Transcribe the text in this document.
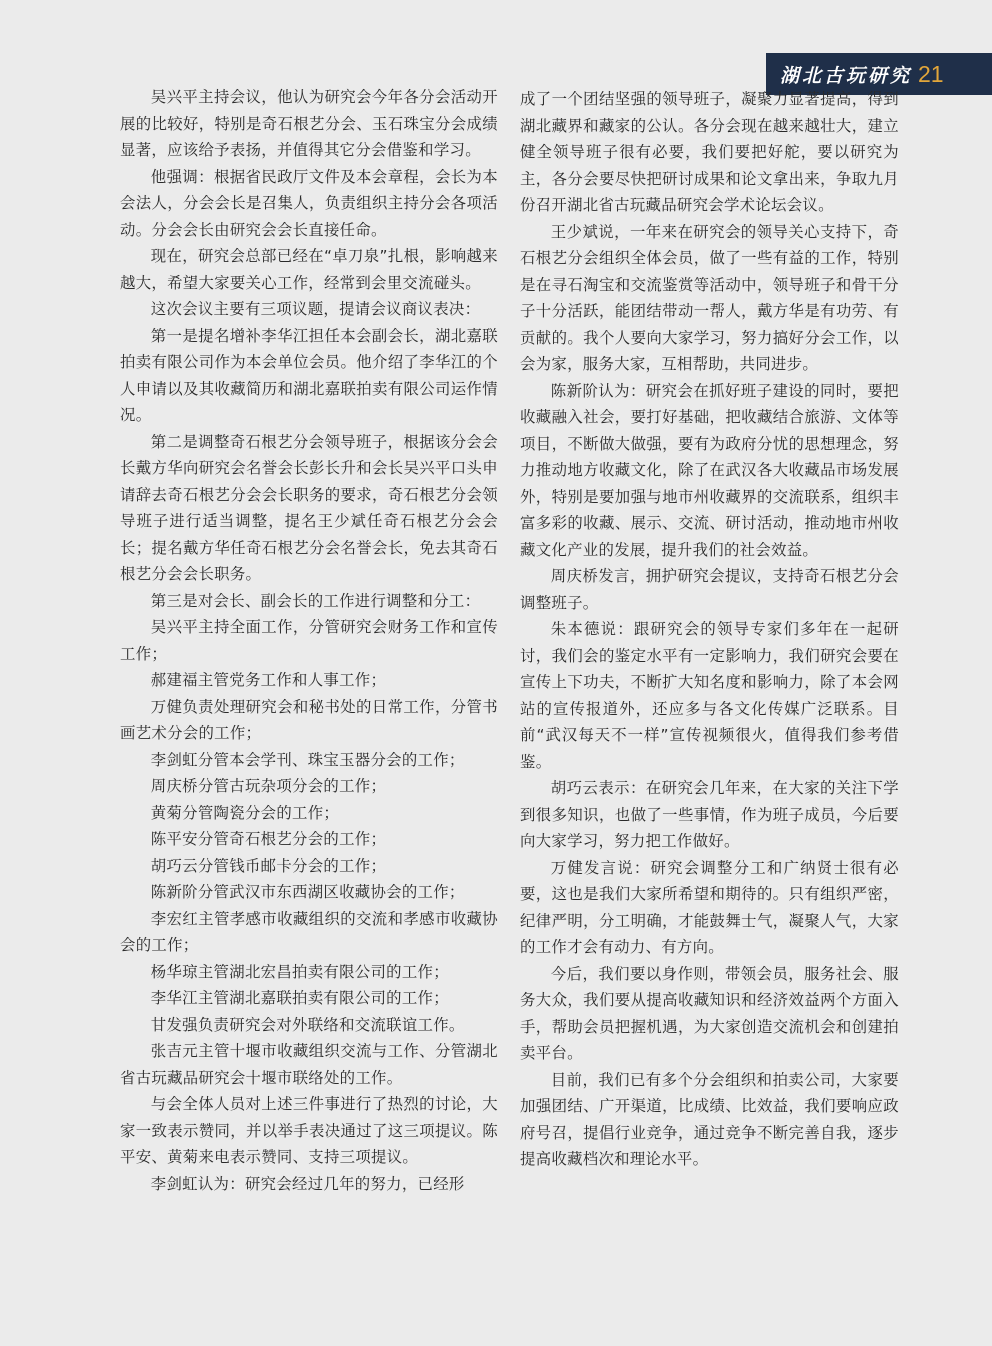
湖北古玩研究 21

吴兴平主持会议，他认为研究会今年各分会活动开展的比较好，特别是奇石根艺分会、玉石珠宝分会成绩显著，应该给予表扬，并值得其它分会借鉴和学习。

他强调：根据省民政厅文件及本会章程，会长为本会法人，分会会长是召集人，负责组织主持分会各项活动。分会会长由研究会会长直接任命。

现在，研究会总部已经在“卓刀泉”扎根，影响越来越大，希望大家要关心工作，经常到会里交流碰头。

这次会议主要有三项议题，提请会议商议表决：

第一是提名增补李华江担任本会副会长，湖北嘉联拍卖有限公司作为本会单位会员。他介绍了李华江的个人申请以及其收藏简历和湖北嘉联拍卖有限公司运作情况。

第二是调整奇石根艺分会领导班子，根据该分会会长戴方华向研究会名誉会长彭长升和会长吴兴平口头申请辞去奇石根艺分会会长职务的要求，奇石根艺分会领导班子进行适当调整，提名王少斌任奇石根艺分会会长；提名戴方华任奇石根艺分会名誉会长，免去其奇石根艺分会会长职务。

第三是对会长、副会长的工作进行调整和分工：

吴兴平主持全面工作，分管研究会财务工作和宣传工作；

郝建福主管党务工作和人事工作；

万健负责处理研究会和秘书处的日常工作，分管书画艺术分会的工作；

李剑虹分管本会学刊、珠宝玉器分会的工作；

周庆桥分管古玩杂项分会的工作；

黄菊分管陶瓷分会的工作；

陈平安分管奇石根艺分会的工作；

胡巧云分管钱币邮卡分会的工作；

陈新阶分管武汉市东西湖区收藏协会的工作；

李宏红主管孝感市收藏组织的交流和孝感市收藏协会的工作；

杨华琼主管湖北宏昌拍卖有限公司的工作；

李华江主管湖北嘉联拍卖有限公司的工作；

甘发强负责研究会对外联络和交流联谊工作。

张吉元主管十堰市收藏组织交流与工作、分管湖北省古玩藏品研究会十堰市联络处的工作。

与会全体人员对上述三件事进行了热烈的讨论，大家一致表示赞同，并以举手表决通过了这三项提议。陈平安、黄菊来电表示赞同、支持三项提议。

李剑虹认为：研究会经过几年的努力，已经形

成了一个团结坚强的领导班子，凝聚力显著提高，得到湖北藏界和藏家的公认。各分会现在越来越壮大，建立健全领导班子很有必要，我们要把好舵，要以研究为主，各分会要尽快把研讨成果和论文拿出来，争取九月份召开湖北省古玩藏品研究会学术论坛会议。

王少斌说，一年来在研究会的领导关心支持下，奇石根艺分会组织全体会员，做了一些有益的工作，特别是在寻石淘宝和交流鉴赏等活动中，领导班子和骨干分子十分活跃，能团结带动一帮人，戴方华是有功劳、有贡献的。我个人要向大家学习，努力搞好分会工作，以会为家，服务大家，互相帮助，共同进步。

陈新阶认为：研究会在抓好班子建设的同时，要把收藏融入社会，要打好基础，把收藏结合旅游、文体等项目，不断做大做强，要有为政府分忧的思想理念，努力推动地方收藏文化，除了在武汉各大收藏品市场发展外，特别是要加强与地市州收藏界的交流联系，组织丰富多彩的收藏、展示、交流、研讨活动，推动地市州收藏文化产业的发展，提升我们的社会效益。

周庆桥发言，拥护研究会提议，支持奇石根艺分会调整班子。

朱本德说：跟研究会的领导专家们多年在一起研讨，我们会的鉴定水平有一定影响力，我们研究会要在宣传上下功夫，不断扩大知名度和影响力，除了本会网站的宣传报道外，还应多与各文化传媒广泛联系。目前“武汉每天不一样”宣传视频很火，值得我们参考借鉴。

胡巧云表示：在研究会几年来，在大家的关注下学到很多知识，也做了一些事情，作为班子成员，今后要向大家学习，努力把工作做好。

万健发言说：研究会调整分工和广纳贤士很有必要，这也是我们大家所希望和期待的。只有组织严密，纪律严明，分工明确，才能鼓舞士气，凝聚人气，大家的工作才会有动力、有方向。

今后，我们要以身作则，带领会员，服务社会、服务大众，我们要从提高收藏知识和经济效益两个方面入手，帮助会员把握机遇，为大家创造交流机会和创建拍卖平台。

目前，我们已有多个分会组织和拍卖公司，大家要加强团结、广开渠道，比成绩、比效益，我们要响应政府号召，提倡行业竞争，通过竞争不断完善自我，逐步提高收藏档次和理论水平。
